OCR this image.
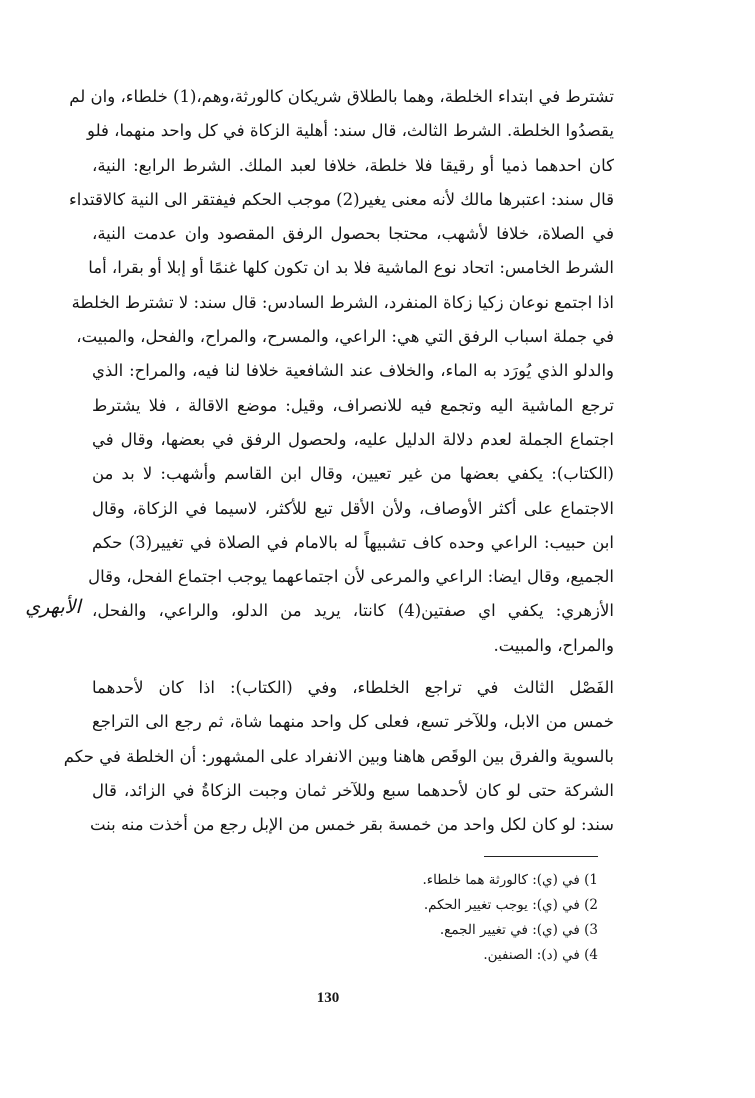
تشترط في ابتداء الخلطة، وهما بالطلاق شريكان كالورثة،وهم،(1) خلطاء، وان لم
يقصدُوا الخلطة. الشرط الثالث، قال سند: أهلية الزكاة في كل واحد منهما، فلو
كان احدهما ذميا أو رقيقا فلا خلطة، خلافا لعبد الملك. الشرط الرابع: النية،
قال سند: اعتبرها مالك لأنه معنى يغير(2) موجب الحكم فيفتقر الى النية كالاقتداء
في الصلاة، خلافا لأشهب، محتجا بحصول الرفق المقصود وان عدمت النية،
الشرط الخامس: اتحاد نوع الماشية فلا بد ان تكون كلها غنمًا أو إبلا أو بقرا، أما
اذا اجتمع نوعان زكيا زكاة المنفرد، الشرط السادس: قال سند: لا تشترط الخلطة
في جملة اسباب الرفق التي هي: الراعي، والمسرح، والمراح، والفحل، والمبيت،
والدلو الذي يُورَد به الماء، والخلاف عند الشافعية خلافا لنا فيه، والمراح: الذي
ترجع الماشية اليه وتجمع فيه للانصراف، وقيل: موضع الاقالة ، فلا يشترط
اجتماع الجملة لعدم دلالة الدليل عليه، ولحصول الرفق في بعضها، وقال في
(الكتاب): يكفي بعضها من غير تعيين، وقال ابن القاسم وأشهب: لا بد من
الاجتماع على أكثر الأوصاف، ولأن الأقل تبع للأكثر، لاسيما في الزكاة، وقال
ابن حبيب: الراعي وحده كاف تشبيهاً له بالامام في الصلاة في تغيير(3) حكم
الجميع، وقال ايضا: الراعي والمرعى لأن اجتماعهما يوجب اجتماع الفحل، وقال
الأزهري: يكفي اي صفتين(4) كانتا، يريد من الدلو، والراعي، والفحل،
والمراح، والمبيت.
الفَصْل الثالث في تراجع الخلطاء، وفي (الكتاب): اذا كان لأحدهما
خمس من الابل، وللآخر تسع، فعلى كل واحد منهما شاة، ثم رجع الى التراجع
بالسوية والفرق بين الوقَص هاهنا وبين الانفراد على المشهور: أن الخلطة في حكم
الشركة حتى لو كان لأحدهما سبع وللآخر ثمان وجبت الزكاةُ في الزائد، قال
سند: لو كان لكل واحد من خمسة بقر خمس من الإبل رجع من أخذت منه بنت
الأبهري
1) في (ي): كالورثة هما خلطاء.
2) في (ي): يوجب تغيير الحكم.
3) في (ي): في تغيير الجمع.
4) في (د): الصنفين.
130
